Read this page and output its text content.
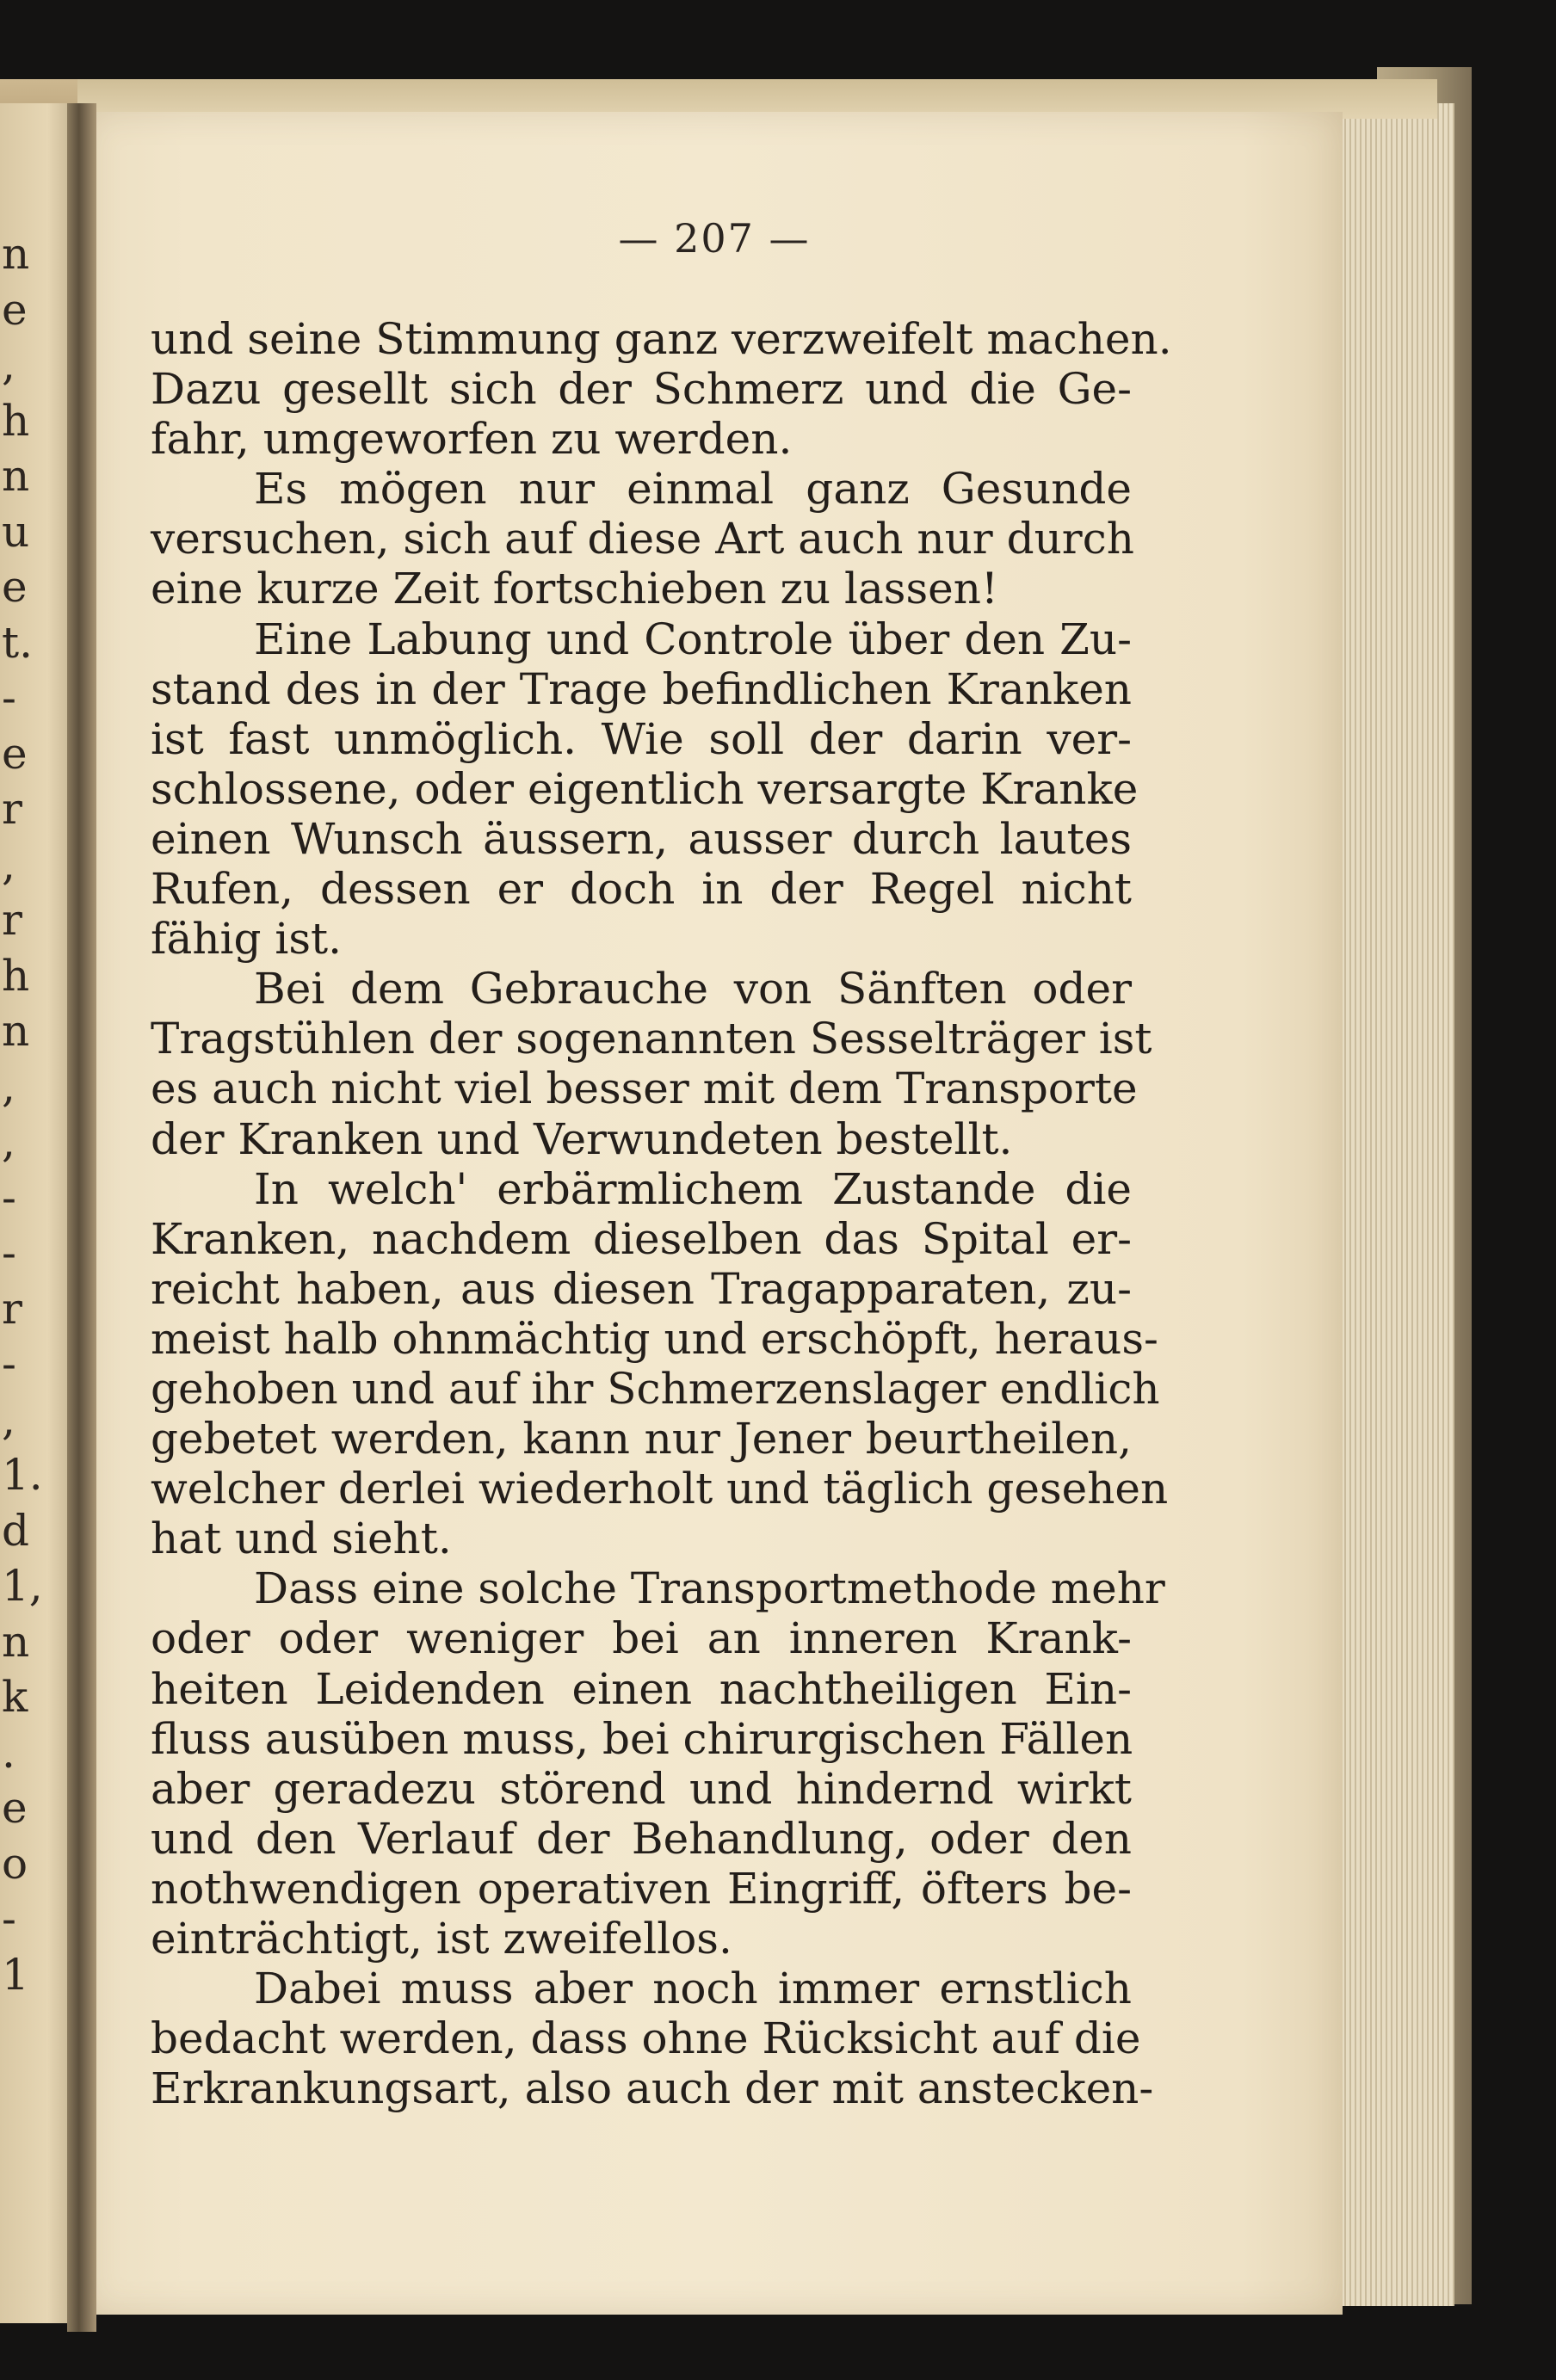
n
e
,
h
n
u
e
t.
-
e
r
,
r
h
n
,
,
-
-
r
-
,
1.
d
1,
n
k
.
e
o
-
1
— 207 —
und seine Stimmung ganz verzweifelt machen.
Dazu gesellt sich der Schmerz und die Ge-
fahr, umgeworfen zu werden.
Es mögen nur einmal ganz Gesunde
versuchen, sich auf diese Art auch nur durch
eine kurze Zeit fortschieben zu lassen!
Eine Labung und Controle über den Zu-
stand des in der Trage befindlichen Kranken
ist fast unmöglich. Wie soll der darin ver-
schlossene, oder eigentlich versargte Kranke
einen Wunsch äussern, ausser durch lautes
Rufen, dessen er doch in der Regel nicht
fähig ist.
Bei dem Gebrauche von Sänften oder
Tragstühlen der sogenannten Sesselträger ist
es auch nicht viel besser mit dem Transporte
der Kranken und Verwundeten bestellt.
In welch' erbärmlichem Zustande die
Kranken, nachdem dieselben das Spital er-
reicht haben, aus diesen Tragapparaten, zu-
meist halb ohnmächtig und erschöpft, heraus-
gehoben und auf ihr Schmerzenslager endlich
gebetet werden, kann nur Jener beurtheilen,
welcher derlei wiederholt und täglich gesehen
hat und sieht.
Dass eine solche Transportmethode mehr
oder oder weniger bei an inneren Krank-
heiten Leidenden einen nachtheiligen Ein-
fluss ausüben muss, bei chirurgischen Fällen
aber geradezu störend und hindernd wirkt
und den Verlauf der Behandlung, oder den
nothwendigen operativen Eingriff, öfters be-
einträchtigt, ist zweifellos.
Dabei muss aber noch immer ernstlich
bedacht werden, dass ohne Rücksicht auf die
Erkrankungsart, also auch der mit anstecken-
